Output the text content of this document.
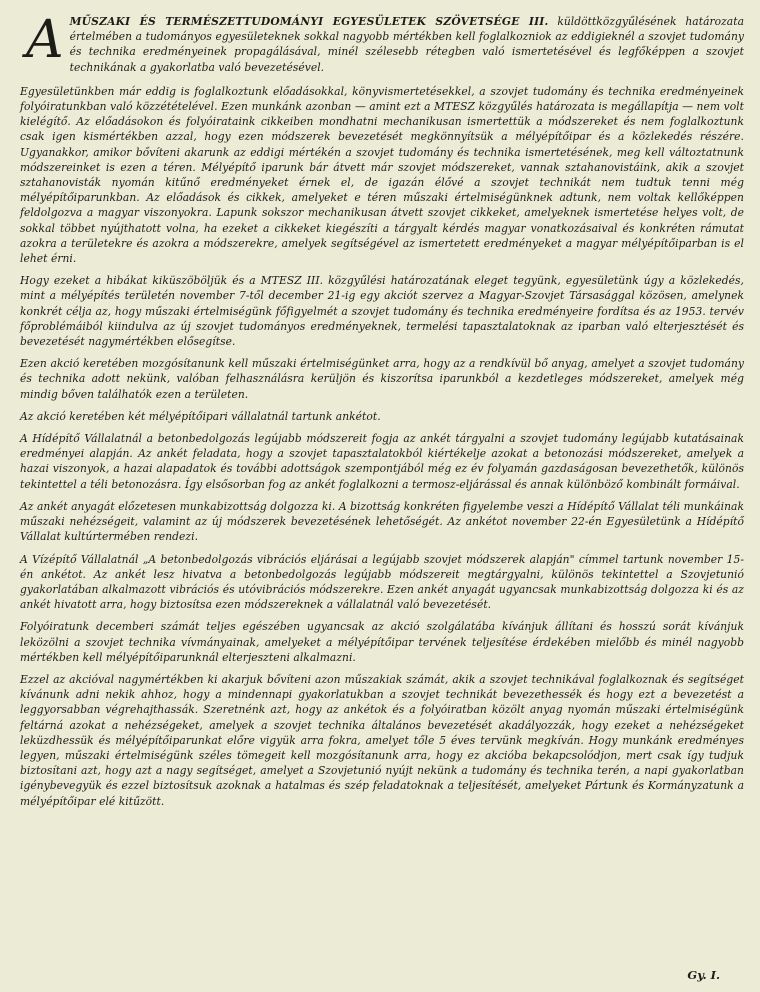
A MŰSZAKI ÉS TERMÉSZETTUDOMÁNYI EGYESÜLETEK SZÖVETSÉGE III. küldöttközgyűlésének határozata értelmében a tudományos egyesületeknek sokkal nagyobb mértékben kell foglalkozniok az eddigieknél a szovjet tudomány és technika eredményeinek propagálásával, minél szélesebb rétegben való ismertetésével és legfőképpen a szovjet technikának a gyakorlatba való bevezetésével.

Egyesületünkben már eddig is foglalkoztunk előadásokkal, könyvismertetésekkel, a szovjet tudomány és technika eredményeinek folyóiratunkban való közzétételével. Ezen munkánk azonban — amint ezt a MTESZ közgyűlés határozata is megállapítja — nem volt kielégítő. Az előadásokon és folyóirataink cikkeiben mondhatni mechanikusan ismertettük a módszereket és nem foglalkoztunk csak igen kismértékben azzal, hogy ezen módszerek bevezetését megkönnyítsük a mélyépítőipar és a közlekedés részére. Ugyanakkor, amikor bővíteni akarunk az eddigi mértékén a szovjet tudomány és technika ismertetésének, meg kell változtatnunk módszereinket is ezen a téren. Mélyépítő iparunk bár átvett már szovjet módszereket, vannak sztahanovistáink, akik a szovjet sztahanovisták nyomán kitűnő eredményeket érnek el, de igazán élővé a szovjet technikát nem tudtuk tenni még mélyépítőiparunkban. Az előadások és cikkek, amelyeket e téren műszaki értelmiségünknek adtunk, nem voltak kellőképpen feldolgozva a magyar viszonyokra. Lapunk sokszor mechanikusan átvett szovjet cikkeket, amelyeknek ismertetése helyes volt, de sokkal többet nyújthatott volna, ha ezeket a cikkeket kiegészíti a tárgyalt kérdés magyar vonatkozásaival és konkréten rámutat azokra a területekre és azokra a módszerekre, amelyek segítségével az ismertetett eredményeket a magyar mélyépítőiparban is el lehet érni.

Hogy ezeket a hibákat kiküszöböljük és a MTESZ III. közgyűlési határozatának eleget tegyünk, egyesületünk úgy a közlekedés, mint a mélyépítés területén november 7-től december 21-ig egy akciót szervez a Magyar-Szovjet Társasággal közösen, amelynek konkrét célja az, hogy műszaki értelmiségünk főfigyelmét a szovjet tudomány és technika eredményeire fordítsa és az 1953. tervév főproblémáiból kiindulva az új szovjet tudományos eredményeknek, termelési tapasztalatoknak az iparban való elterjesztését és bevezetését nagymértékben elősegítse.

Ezen akció keretében mozgósítanunk kell műszaki értelmiségünket arra, hogy az a rendkívül bő anyag, amelyet a szovjet tudomány és technika adott nekünk, valóban felhasználásra kerüljön és kiszorítsa iparunkból a kezdetleges módszereket, amelyek még mindig bőven találhatók ezen a területen.

Az akció keretében két mélyépítőipari vállalatnál tartunk ankétot.

A Hídépítő Vállalatnál a betonbedolgozás legújabb módszereit fogja az ankét tárgyalni a szovjet tudomány legújabb kutatásainak eredményei alapján. Az ankét feladata, hogy a szovjet tapasztalatokból kiértékelje azokat a betonozási módszereket, amelyek a hazai viszonyok, a hazai alapadatok és további adottságok szempontjából még ez év folyamán gazdaságosan bevezethetők, különös tekintettel a téli betonozásra. Így elsősorban fog az ankét foglalkozni a termosz-eljárással és annak különböző kombinált formáival.

Az ankét anyagát előzetesen munkabizottság dolgozza ki. A bizottság konkréten figyelembe veszi a Hídépítő Vállalat téli munkáinak műszaki nehézségeit, valamint az új módszerek bevezetésének lehetőségét. Az ankétot november 22-én Egyesületünk a Hídépítő Vállalat kultúrtermében rendezi.

A Vízépítő Vállalatnál „A betonbedolgozás vibrációs eljárásai a legújabb szovjet módszerek alapján" címmel tartunk november 15-én ankétot. Az ankét lesz hivatva a betonbedolgozás legújabb módszereit megtárgyalni, különös tekintettel a Szovjetunió gyakorlatában alkalmazott vibrációs és utóvibrációs módszerekre. Ezen ankét anyagát ugyancsak munkabizottság dolgozza ki és az ankét hivatott arra, hogy biztosítsa ezen módszereknek a vállalatnál való bevezetését.

Folyóiratunk decemberi számát teljes egészében ugyancsak az akció szolgálatába kívánjuk állítani és hosszú sorát kívánjuk leközölni a szovjet technika vívmányainak, amelyeket a mélyépítőipar tervének teljesítése érdekében mielőbb és minél nagyobb mértékben kell mélyépítőiparunknál elterjeszteni alkalmazni.

Ezzel az akcióval nagymértékben ki akarjuk bővíteni azon műszakiak számát, akik a szovjet technikával foglalkoznak és segítséget kívánunk adni nekik ahhoz, hogy a mindennapi gyakorlatukban a szovjet technikát bevezethessék és hogy ezt a bevezetést a leggyorsabban végrehajthassák. Szeretnénk azt, hogy az ankétok és a folyóiratban közölt anyag nyomán műszaki értelmiségünk feltárná azokat a nehézségeket, amelyek a szovjet technika általános bevezetését akadályozzák, hogy ezeket a nehézségeket leküzdhessük és mélyépítőiparunkat előre vigyük arra fokra, amelyet tőle 5 éves tervünk megkíván. Hogy munkánk eredményes legyen, műszaki értelmiségünk széles tömegeit kell mozgósítanunk arra, hogy ez akcióba bekapcsolódjon, mert csak így tudjuk biztosítani azt, hogy azt a nagy segítséget, amelyet a Szovjetunió nyújt nekünk a tudomány és technika terén, a napi gyakorlatban igénybevegyük és ezzel biztosítsuk azoknak a hatalmas és szép feladatoknak a teljesítését, amelyeket Pártunk és Kormányzatunk a mélyépítőipar elé kitűzött.

Gy. I.
